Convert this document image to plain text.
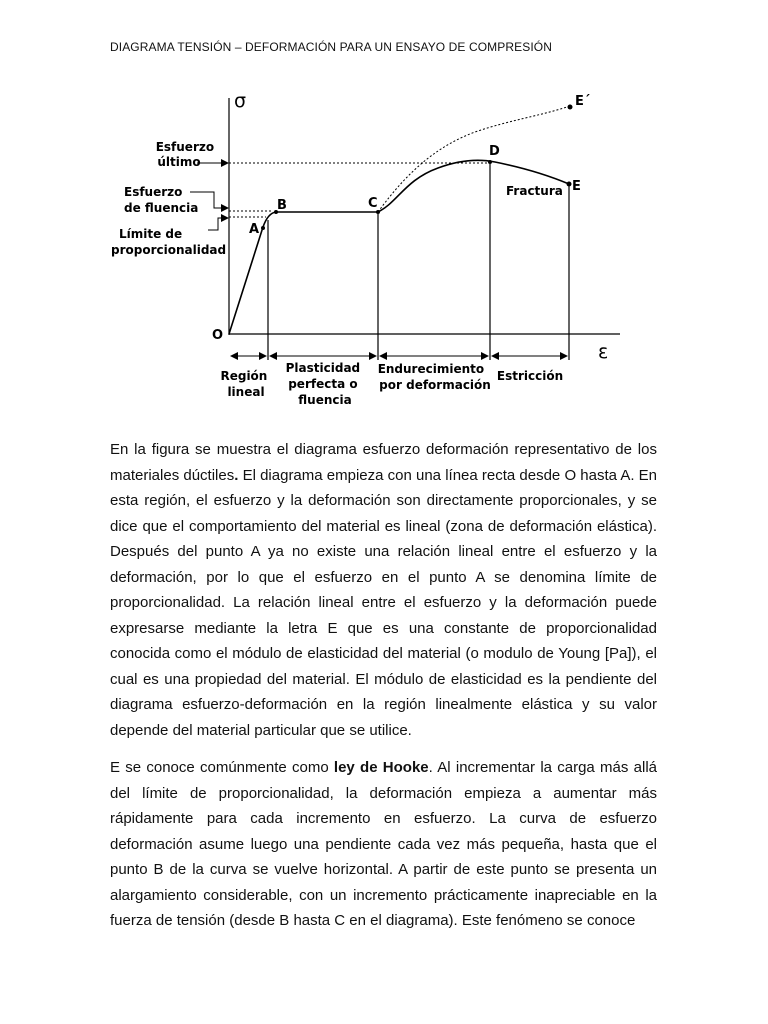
DIAGRAMA TENSIÓN – DEFORMACIÓN PARA UN ENSAYO DE COMPRESIÓN
σ
ε
O
A
B	C
D
E
E´
Esfuerzo último
Esfuerzo de fluencia
Límite de proporcionalidad
Fractura
Región lineal
Plasticidad perfecta o fluencia
Endurecimiento por deformación
Estricción

En la figura se muestra el diagrama esfuerzo deformación representativo de los materiales dúctiles. El diagrama empieza con una línea recta desde O hasta A. En esta región, el esfuerzo y la deformación son directamente proporcionales, y se dice que el comportamiento del material es lineal (zona de deformación elástica). Después del punto A ya no existe una relación lineal entre el esfuerzo y la deformación, por lo que el esfuerzo en el punto A se denomina límite de proporcionalidad. La relación lineal entre el esfuerzo y la deformación puede expresarse mediante la letra E que es una constante de proporcionalidad conocida como el módulo de elasticidad del material (o modulo de Young [Pa]), el cual es una propiedad del material. El módulo de elasticidad es la pendiente del diagrama esfuerzo-deformación en la región linealmente elástica y su valor depende del material particular que se utilice.

E se conoce comúnmente como ley de Hooke. Al incrementar la carga más allá del límite de proporcionalidad, la deformación empieza a aumentar más rápidamente para cada incremento en esfuerzo. La curva de esfuerzo deformación asume luego una pendiente cada vez más pequeña, hasta que el punto B de la curva se vuelve horizontal. A partir de este punto se presenta un alargamiento considerable, con un incremento prácticamente inapreciable en la fuerza de tensión (desde B hasta C en el diagrama). Este fenómeno se conoce
